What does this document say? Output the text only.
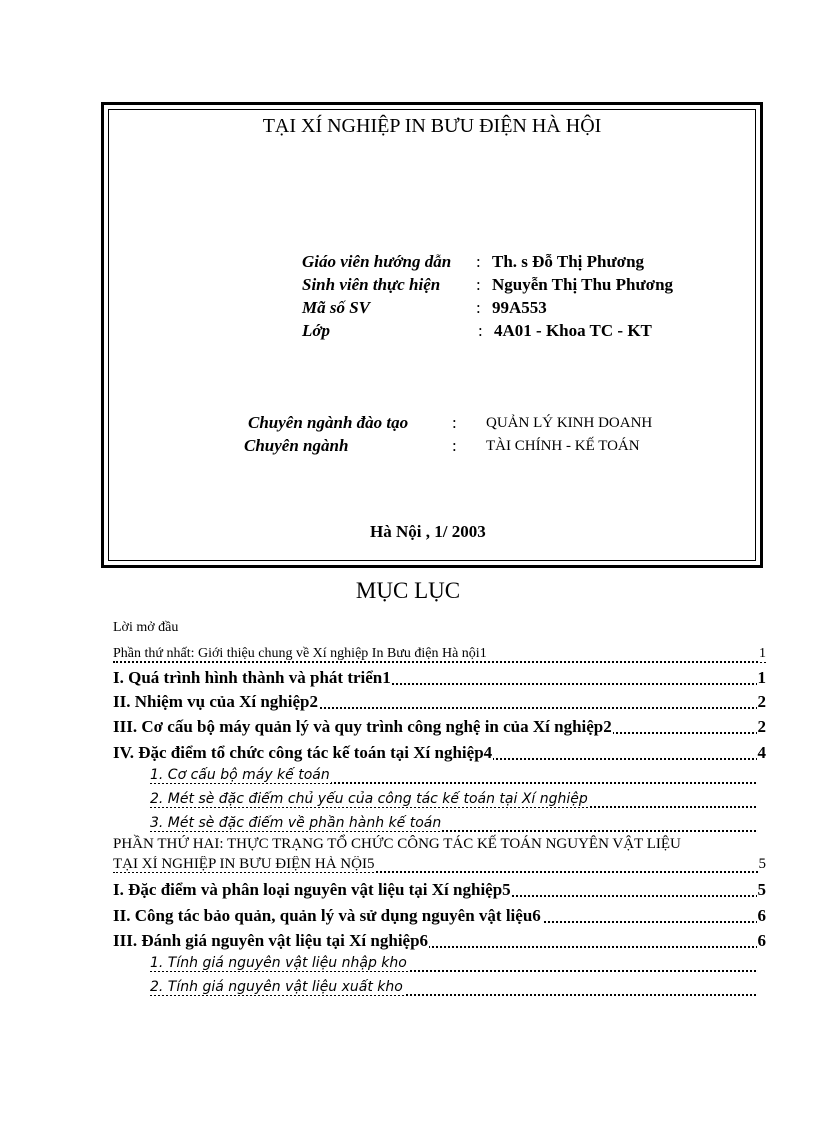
TẠI XÍ NGHIỆP IN BƯU ĐIỆN HÀ HỘI
Giáo viên hướng dẫn : Th. s Đỗ Thị Phương
Sinh viên thực hiện : Nguyễn Thị Thu Phương
Mã số SV	: 99A553
Lớp	: 4A01 - Khoa TC - KT
Chuyên ngành đào tạo	: QUẢN LÝ KINH DOANH
Chuyên ngành	: TÀI CHÍNH - KẾ TOÁN
Hà Nội , 1/ 2003
MỤC LỤC
Lời mở đầu
Phần thứ nhất: Giới thiệu chung về Xí nghiệp In Bưu điện Hà nội1	1
I. Quá trình hình thành và phát triển1	1
II. Nhiệm vụ của Xí nghiệp2	2
III. Cơ cấu bộ máy quản lý và quy trình công nghệ in của Xí nghiệp2	2
IV. Đặc điểm tổ chức công tác kế toán tại Xí nghiệp4	4
1. Cơ cấu bộ máy kế toán
2. Mét sè đặc điểm chủ yếu của công tác kế toán tại Xí nghiệp
3. Mét sè đặc điểm về phần hành kế toán
PHẦN THỨ HAI: THỰC TRẠNG TỔ CHỨC CÔNG TÁC KẾ TOÁN NGUYÊN VẬT LIỆU
TẠI XÍ NGHIỆP IN BƯU ĐIỆN HÀ NỘI5	5
I. Đặc điểm và phân loại nguyên vật liệu tại Xí nghiệp5	5
II. Công tác bảo quản, quản lý và sử dụng nguyên vật liệu6	6
III. Đánh giá nguyên vật liệu tại Xí nghiệp6	6
1. Tính giá nguyên vật liệu nhập kho
2. Tính giá nguyên vật liệu xuất kho
